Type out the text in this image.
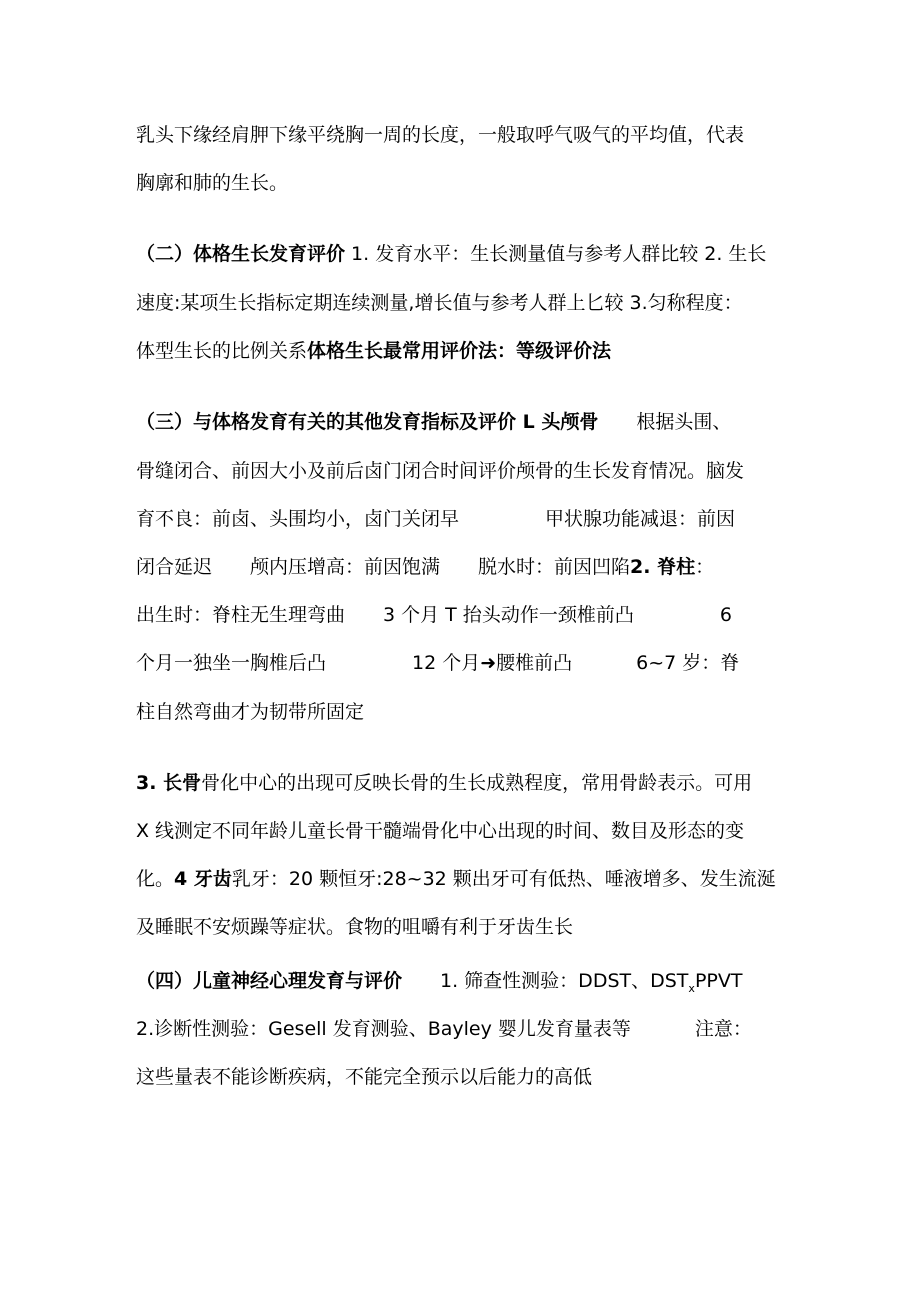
乳头下缘经肩胛下缘平绕胸一周的长度，一般取呼气吸气的平均值，代表
胸廓和肺的生长。
（二）体格生长发育评价 1. 发育水平：生长测量值与参考人群比较 2. 生长
速度:某项生长指标定期连续测量,增长值与参考人群上匕较 3.匀称程度：
体型生长的比例关系体格生长最常用评价法：等级评价法
（三）与体格发育有关的其他发育指标及评价 L 头颅骨 根据头围、
骨缝闭合、前因大小及前后卤门闭合时间评价颅骨的生长发育情况。脑发
育不良：前卤、头围均小，卤门关闭早	甲状腺功能减退：前因
闭合延迟 颅内压增高：前因饱满 脱水时：前因凹陷2. 脊柱：
出生时：脊柱无生理弯曲 3 个月 T 抬头动作一颈椎前凸	6
个月一独坐一胸椎后凸	12 个月➜腰椎前凸	6~7 岁：脊
柱自然弯曲才为韧带所固定
3. 长骨骨化中心的出现可反映长骨的生长成熟程度，常用骨龄表示。可用
X 线测定不同年龄儿童长骨干髓端骨化中心出现的时间、数目及形态的变
化。4 牙齿乳牙：20 颗恒牙:28~32 颗出牙可有低热、唾液增多、发生流涎
及睡眠不安烦躁等症状。食物的咀嚼有利于牙齿生长
（四）儿童神经心理发育与评价 1. 筛查性测验：DDST、$DST_xPPVT$
2.诊断性测验：Gesell 发育测验、Bayley 婴儿发育量表等	注意：
这些量表不能诊断疾病，不能完全预示以后能力的高低
